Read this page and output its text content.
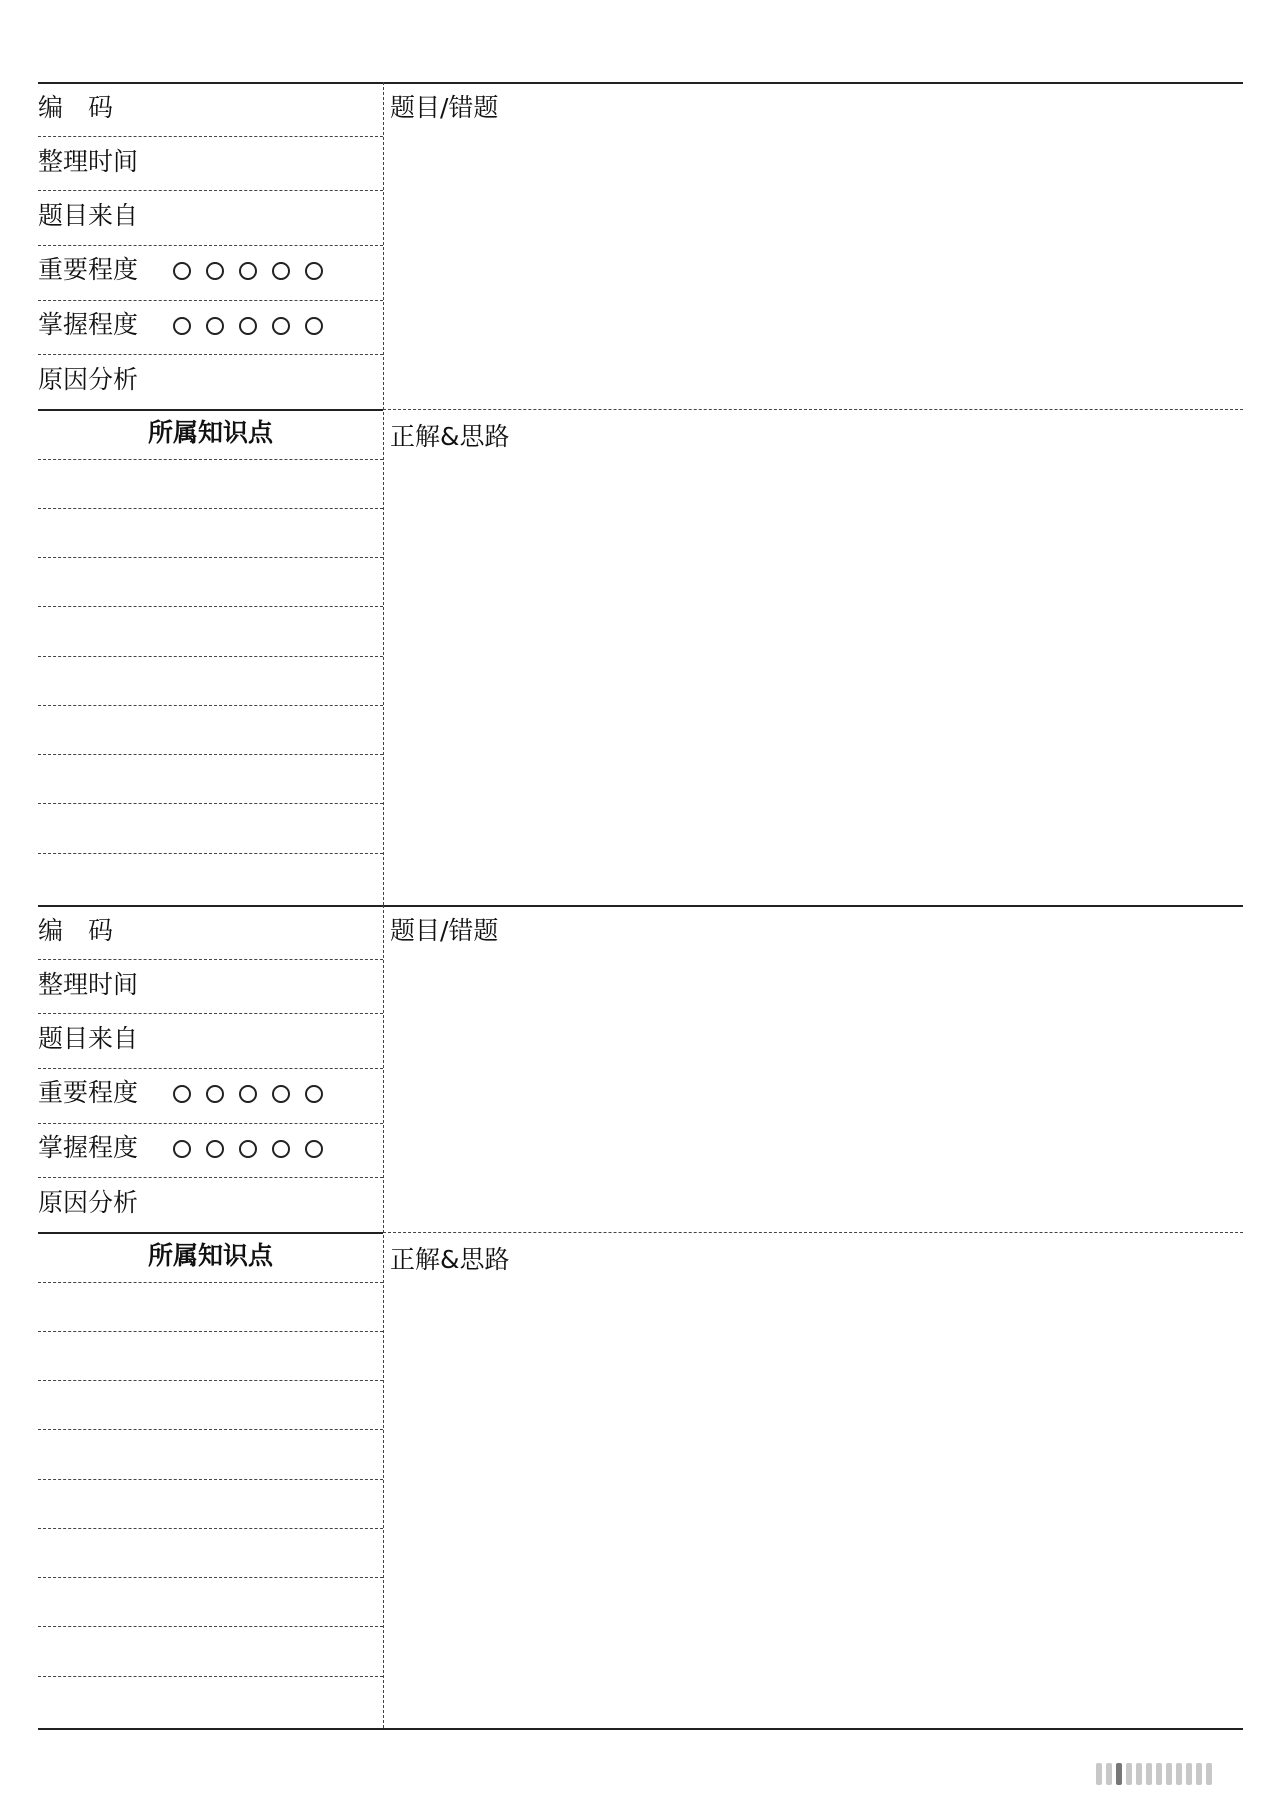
编　码
整理时间
题目来自
重要程度
掌握程度
原因分析
所属知识点
题目/错题
正解&思路
编　码
整理时间
题目来自
重要程度
掌握程度
原因分析
所属知识点
题目/错题
正解&思路
